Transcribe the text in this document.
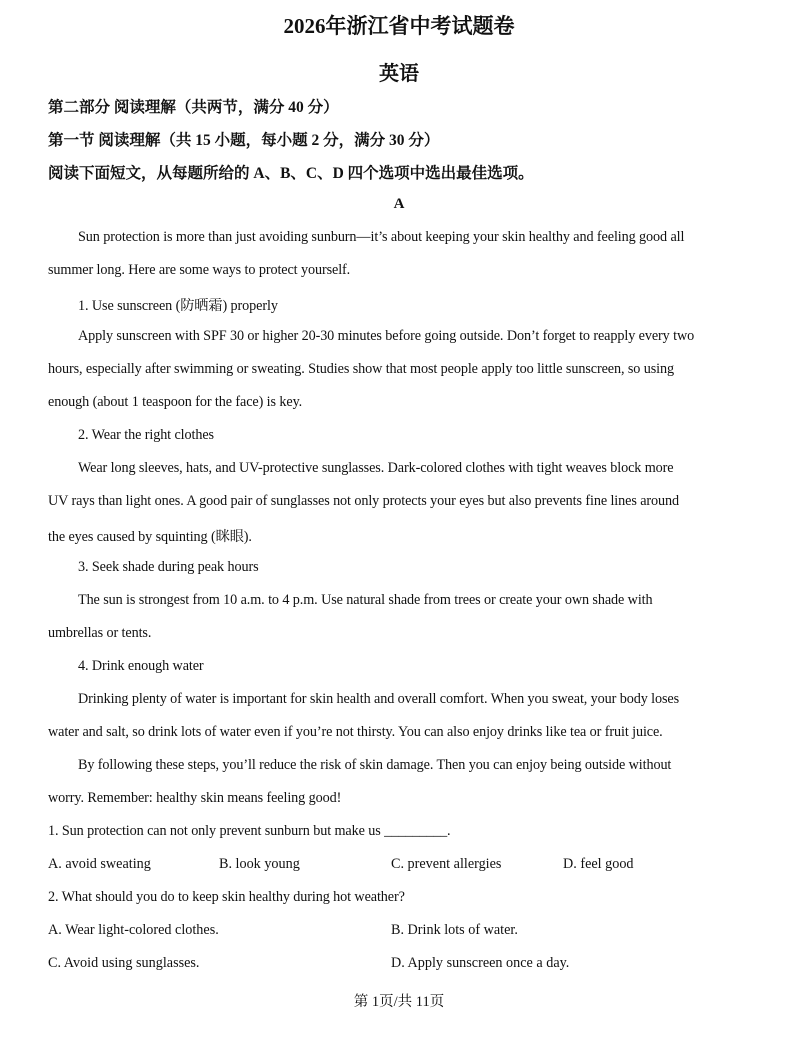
2026年浙江省中考试题卷
英语
第二部分 阅读理解（共两节，满分 40 分）
第一节 阅读理解（共 15 小题，每小题 2 分，满分 30 分）
阅读下面短文，从每题所给的 A、B、C、D 四个选项中选出最佳选项。
A
Sun protection is more than just avoiding sunburn—it’s about keeping your skin healthy and feeling good all
summer long. Here are some ways to protect yourself.
1. Use sunscreen (防晒霜) properly
Apply sunscreen with SPF 30 or higher 20-30 minutes before going outside. Don’t forget to reapply every two
hours, especially after swimming or sweating. Studies show that most people apply too little sunscreen, so using
enough (about 1 teaspoon for the face) is key.
2. Wear the right clothes
Wear long sleeves, hats, and UV-protective sunglasses. Dark-colored clothes with tight weaves block more
UV rays than light ones. A good pair of sunglasses not only protects your eyes but also prevents fine lines around
the eyes caused by squinting (眯眼).
3. Seek shade during peak hours
The sun is strongest from 10 a.m. to 4 p.m. Use natural shade from trees or create your own shade with
umbrellas or tents.
4. Drink enough water
Drinking plenty of water is important for skin health and overall comfort. When you sweat, your body loses
water and salt, so drink lots of water even if you’re not thirsty. You can also enjoy drinks like tea or fruit juice.
By following these steps, you’ll reduce the risk of skin damage. Then you can enjoy being outside without
worry. Remember: healthy skin means feeling good!
1. Sun protection can not only prevent sunburn but make us _________.
A. avoid sweating	B. look young	C. prevent allergies	D. feel good
2. What should you do to keep skin healthy during hot weather?
A. Wear light-colored clothes.	B. Drink lots of water.
C. Avoid using sunglasses.	D. Apply sunscreen once a day.
第 1页/共 11页
